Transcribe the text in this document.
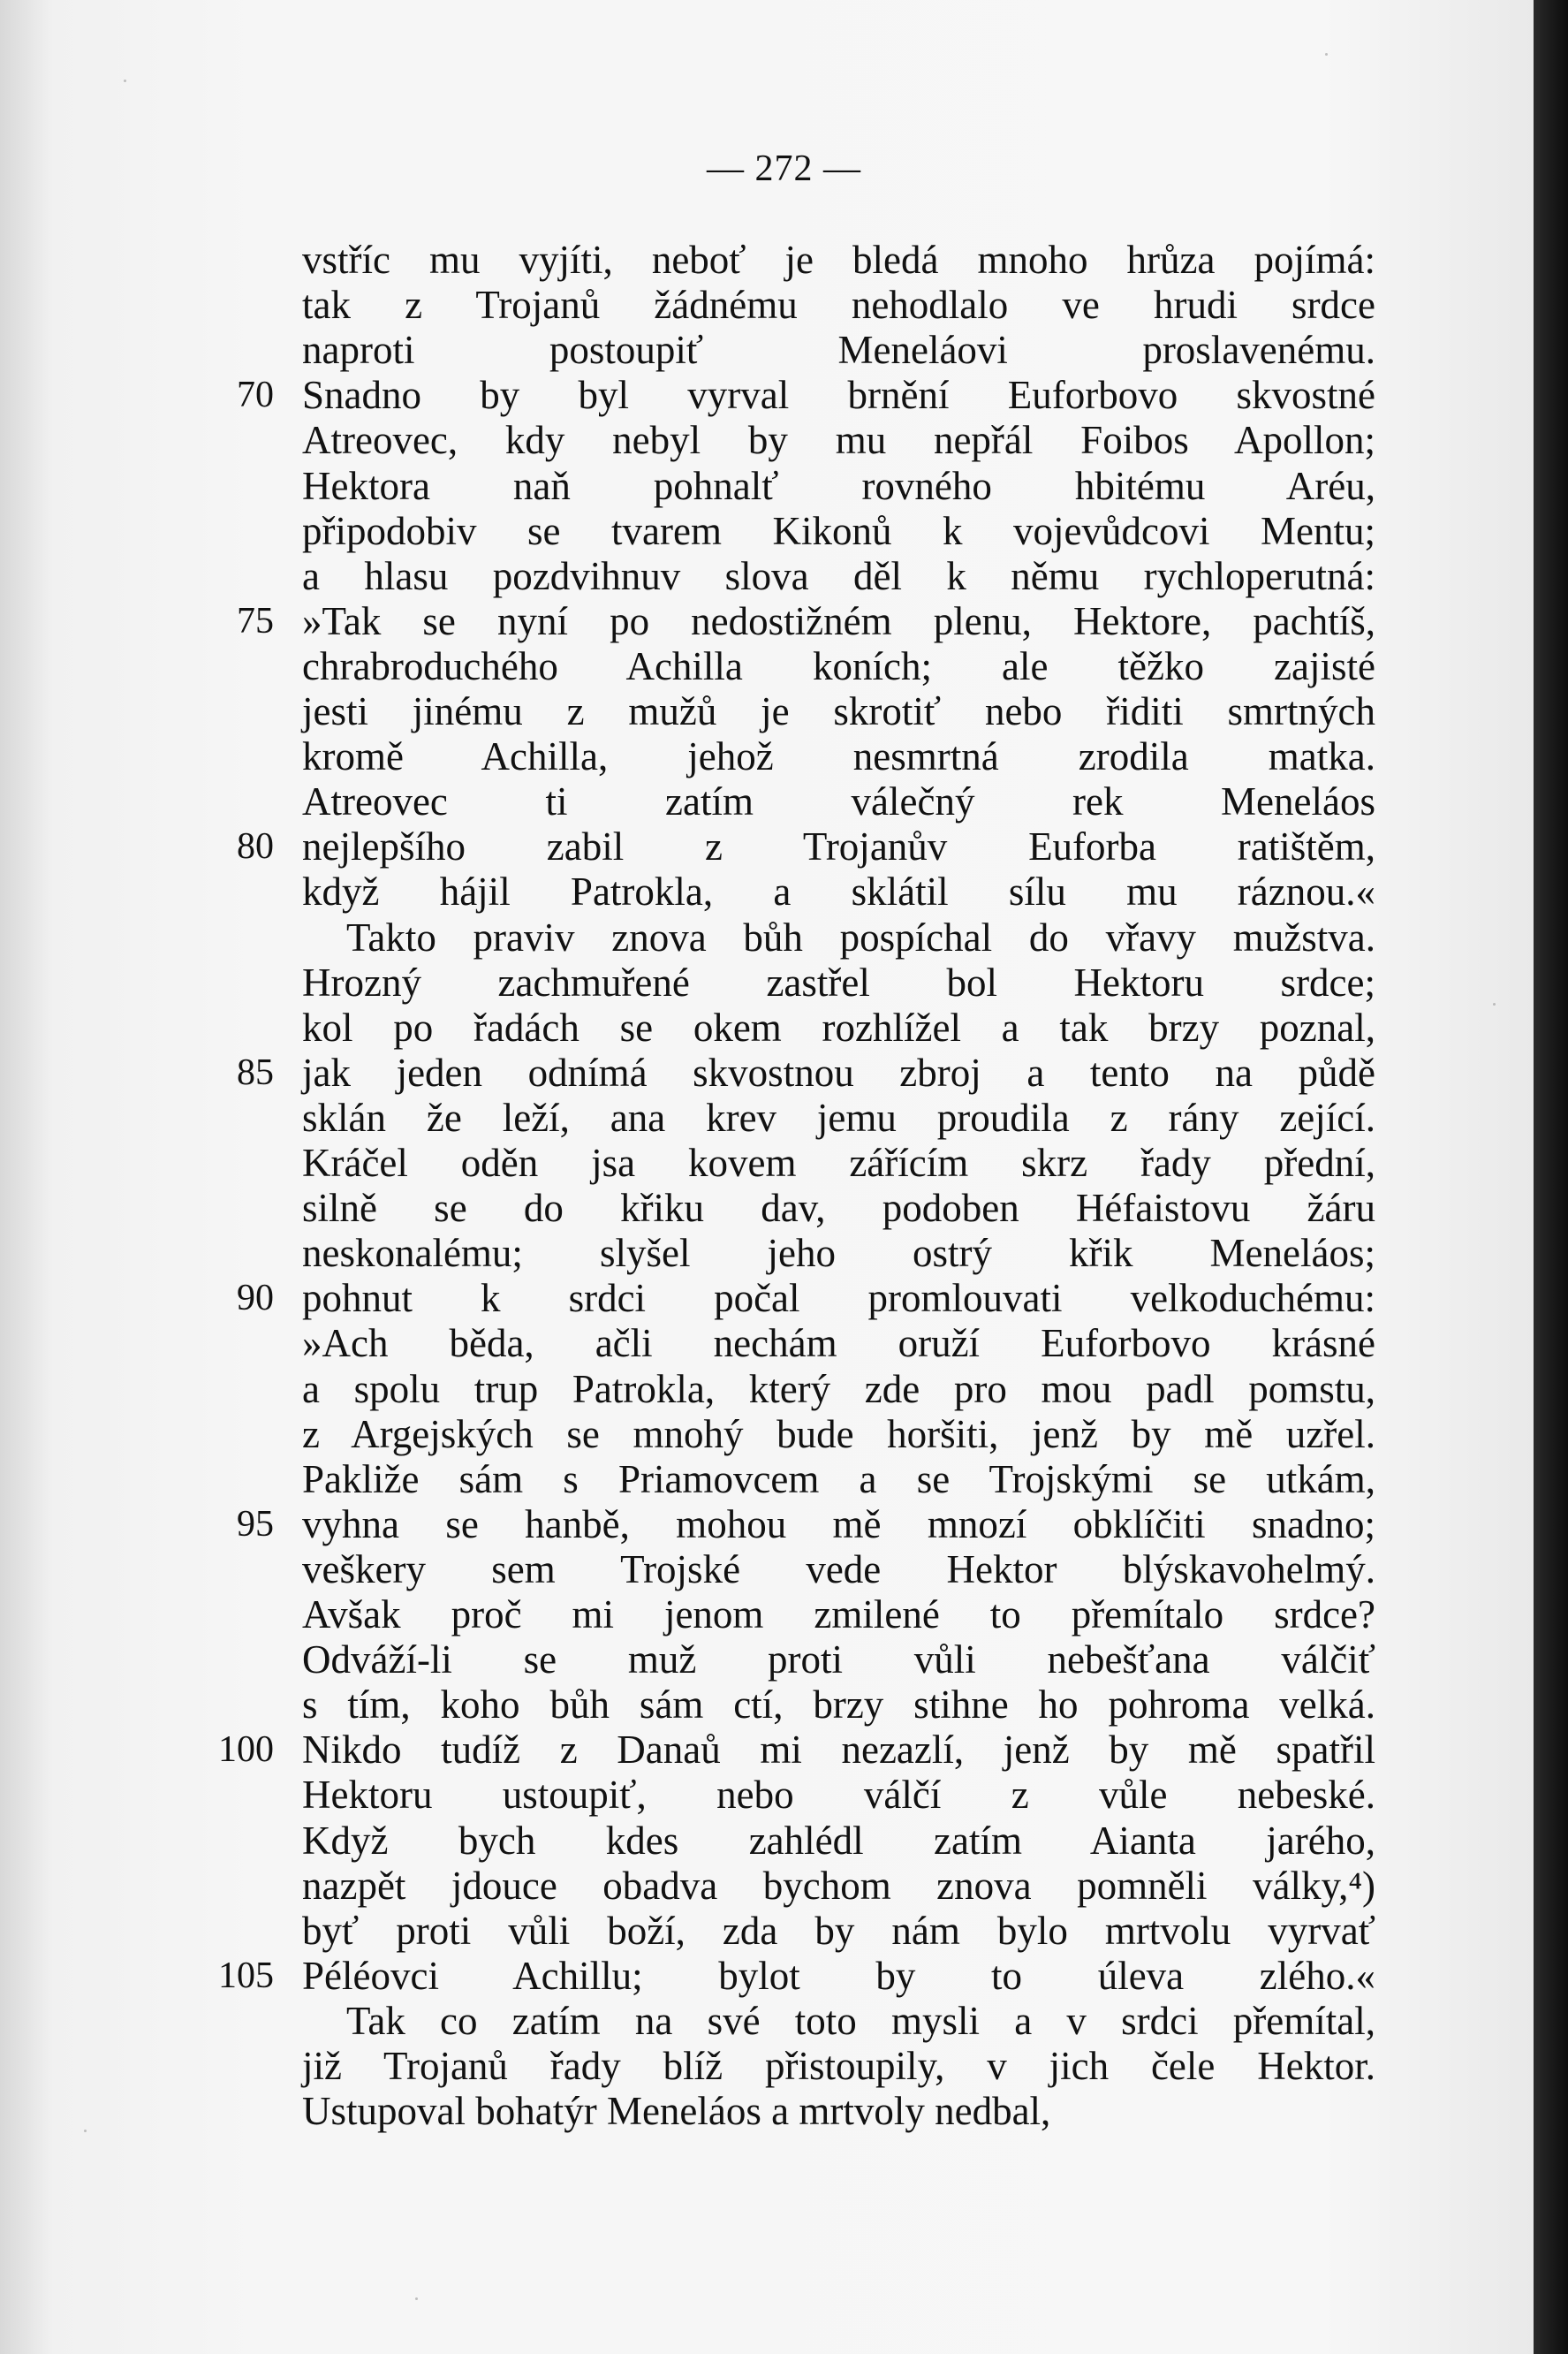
— 272 —
vstříc mu vyjíti, neboť je bledá mnoho hrůza pojímá:
tak z Trojanů žádnému nehodlalo ve hrudi srdce
naproti postoupiť Meneláovi proslavenému.
70 Snadno by byl vyrval brnění Euforbovo skvostné
Atreovec, kdy nebyl by mu nepřál Foibos Apollon;
Hektora naň pohnalť rovného hbitému Aréu,
připodobiv se tvarem Kikonů k vojevůdcovi Mentu;
a hlasu pozdvihnuv slova děl k němu rychloperutná:
75 »Tak se nyní po nedostižném plenu, Hektore, pachtíš,
chrabroduchého Achilla koních; ale těžko zajisté
jesti jinému z mužů je skrotiť nebo řiditi smrtných
kromě Achilla, jehož nesmrtná zrodila matka.
Atreovec ti zatím válečný rek Meneláos
80 nejlepšího zabil z Trojanův Euforba ratištěm,
když hájil Patrokla, a sklátil sílu mu ráznou.«
Takto praviv znova bůh pospíchal do vřavy mužstva.
Hrozný zachmuřené zastřel bol Hektoru srdce;
kol po řadách se okem rozhlížel a tak brzy poznal,
85 jak jeden odnímá skvostnou zbroj a tento na půdě
sklán že leží, ana krev jemu proudila z rány zející.
Kráčel oděn jsa kovem zářícím skrz řady přední,
silně se do křiku dav, podoben Héfaistovu žáru
neskonalému; slyšel jeho ostrý křik Meneláos;
90 pohnut k srdci počal promlouvati velkoduchému:
»Ach běda, ačli nechám oruží Euforbovo krásné
a spolu trup Patrokla, který zde pro mou padl pomstu,
z Argejských se mnohý bude horšiti, jenž by mě uzřel.
Pakliže sám s Priamovcem a se Trojskými se utkám,
95 vyhna se hanbě, mohou mě mnozí obklíčiti snadno;
veškery sem Trojské vede Hektor blýskavohelmý.
Avšak proč mi jenom zmilené to přemítalo srdce?
Odváží-li se muž proti vůli nebešťana válčiť
s tím, koho bůh sám ctí, brzy stihne ho pohroma velká.
100 Nikdo tudíž z Danaů mi nezazlí, jenž by mě spatřil
Hektoru ustoupiť, nebo válčí z vůle nebeské.
Když bych kdes zahlédl zatím Aianta jarého,
nazpět jdouce obadva bychom znova pomněli války,⁴)
byť proti vůli boží, zda by nám bylo mrtvolu vyrvať
105 Péléovci Achillu; bylot by to úleva zlého.«
Tak co zatím na své toto mysli a v srdci přemítal,
již Trojanů řady blíž přistoupily, v jich čele Hektor.
Ustupoval bohatýr Meneláos a mrtvoly nedbal,
